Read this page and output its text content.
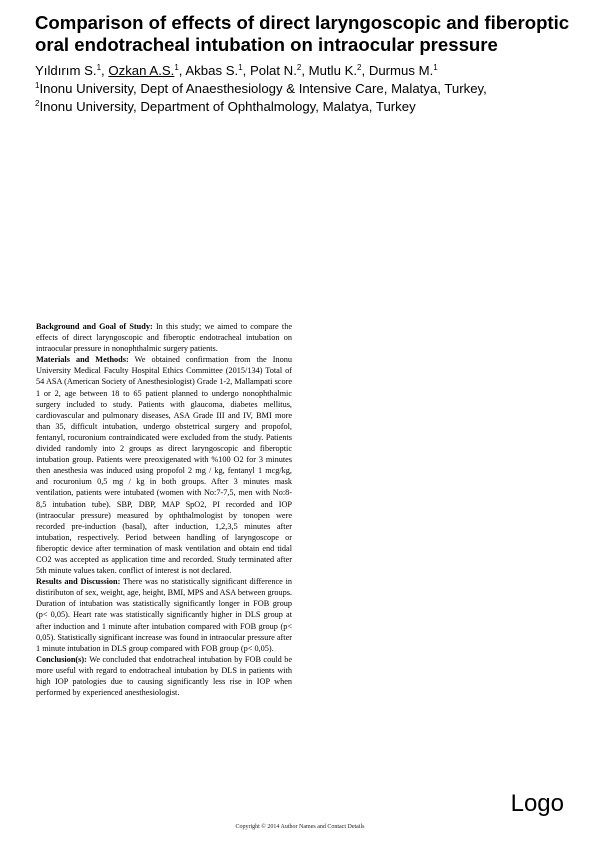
Comparison of effects of direct laryngoscopic and fiberoptic
oral endotracheal intubation on intraocular pressure
Yıldırım S.$^1$, Ozkan A.S.$^1$, Akbas S.$^1$, Polat N.$^2$, Mutlu K.$^2$, Durmus M.$^1$
$^1$Inonu University, Dept of Anaesthesiology & Intensive Care, Malatya, Turkey,
$^2$Inonu University, Department of Ophthalmology, Malatya, Turkey

Background and Goal of Study: In this study; we aimed to compare the effects of direct laryngoscopic and fiberoptic endotracheal intubation on intraocular pressure in nonophthalmic surgery patients.

Materials and Methods: We obtained confirmation from the Inonu University Medical Faculty Hospital Ethics Committee (2015/134) Total of 54 ASA (American Society of Anesthesiologist) Grade 1-2, Mallampati score 1 or 2, age between 18 to 65 patient planned to undergo nonophthalmic surgery included to study. Patients with glaucoma, diabetes mellitus, cardiovascular and pulmonary diseases, ASA Grade III and IV, BMI more than 35, difficult intubation, undergo obstetrical surgery and propofol, fentanyl, rocuronium contraindicated were excluded from the study. Patients divided randomly into 2 groups as direct laryngoscopic and fiberoptic intubation group. Patients were preoxigenated with %100 O2 for 3 minutes then anesthesia was induced using propofol 2 mg / kg, fentanyl 1 mcg/kg, and rocuronium 0,5 mg / kg in both groups. After 3 minutes mask ventilation, patients were intubated (women with No:7-7,5, men with No:8-8,5 intubation tube). SBP, DBP, MAP SpO2, PI recorded and IOP (intraocular pressure) measured by ophthalmologist by tonopen were recorded pre-induction (basal), after induction, 1,2,3,5 minutes after intubation, respectively. Period between handling of laryngoscope or fiberoptic device after termination of mask ventilation and obtain end tidal CO2 was accepted as application time and recorded. Study terminated after 5th minute values taken. conflict of interest is not declared.

Results and Discussion: There was no statistically significant difference in distiributon of sex, weight, age, height, BMI, MPS and ASA between groups. Duration of intubation was statistically significantly longer in FOB group (p< 0,05). Heart rate was statistically significantly higher in DLS group at after induction and 1 minute after intubation compared with FOB group (p< 0,05). Statistically significant increase was found in intraocular pressure after 1 minute intubation in DLS group compared with FOB group (p< 0,05).

Conclusion(s): We concluded that endotracheal intubation by FOB could be more useful with regard to endotracheal intubation by DLS in patients with high IOP patologies due to causing significantly less rise in IOP when performed by experienced anesthesiologist.

Logo
Copyright © 2014 Author Names and Contact Details
